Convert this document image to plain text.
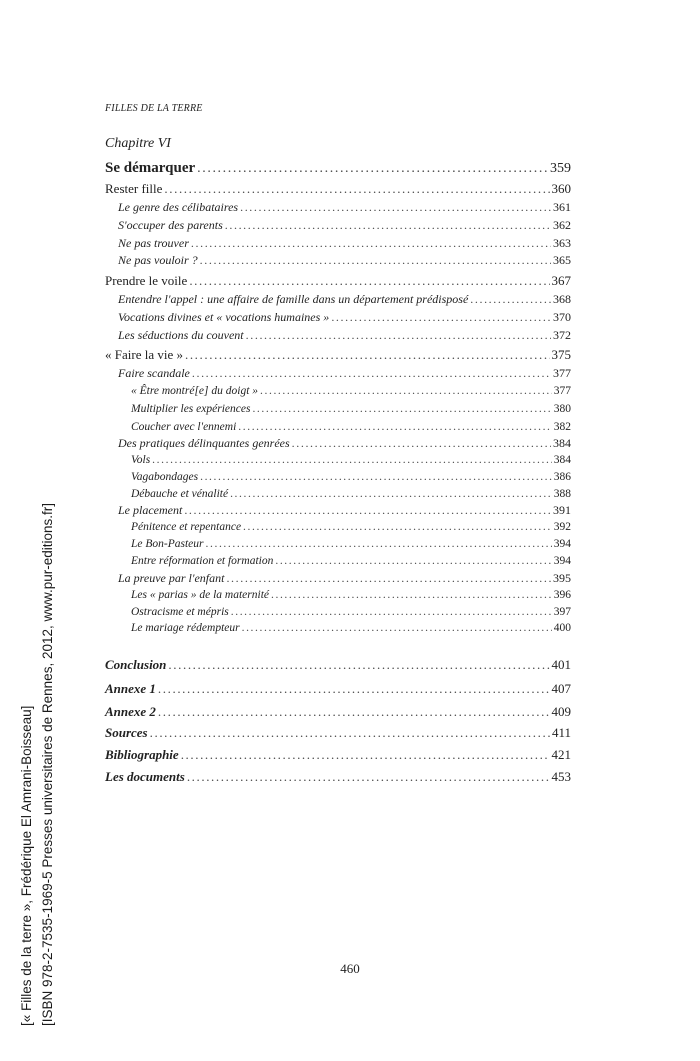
FILLES DE LA TERRE
Chapitre VI
Se démarquer .....	359
Rester fille .....	360
Le genre des célibataires .....	361
S'occuper des parents .....	362
Ne pas trouver .....	363
Ne pas vouloir ? .....	365
Prendre le voile .....	367
Entendre l'appel : une affaire de famille dans un département prédisposé .....	368
Vocations divines et « vocations humaines » .....	370
Les séductions du couvent .....	372
« Faire la vie » .....	375
Faire scandale .....	377
« Être montré[e] du doigt » .....	377
Multiplier les expériences .....	380
Coucher avec l'ennemi .....	382
Des pratiques délinquantes genrées .....	384
Vols .....	384
Vagabondages .....	386
Débauche et vénalité .....	388
Le placement .....	391
Pénitence et repentance .....	392
Le Bon-Pasteur .....	394
Entre réformation et formation .....	394
La preuve par l'enfant .....	395
Les « parias » de la maternité .....	396
Ostracisme et mépris .....	397
Le mariage rédempteur .....	400
Conclusion .....	401
Annexe 1 .....	407
Annexe 2 .....	409
Sources .....	411
Bibliographie .....	421
Les documents .....	453
460
[« Filles de la terre », Frédérique El Amrani-Boisseau] [ISBN 978-2-7535-1969-5 Presses universitaires de Rennes, 2012, www.pur-editions.fr]
